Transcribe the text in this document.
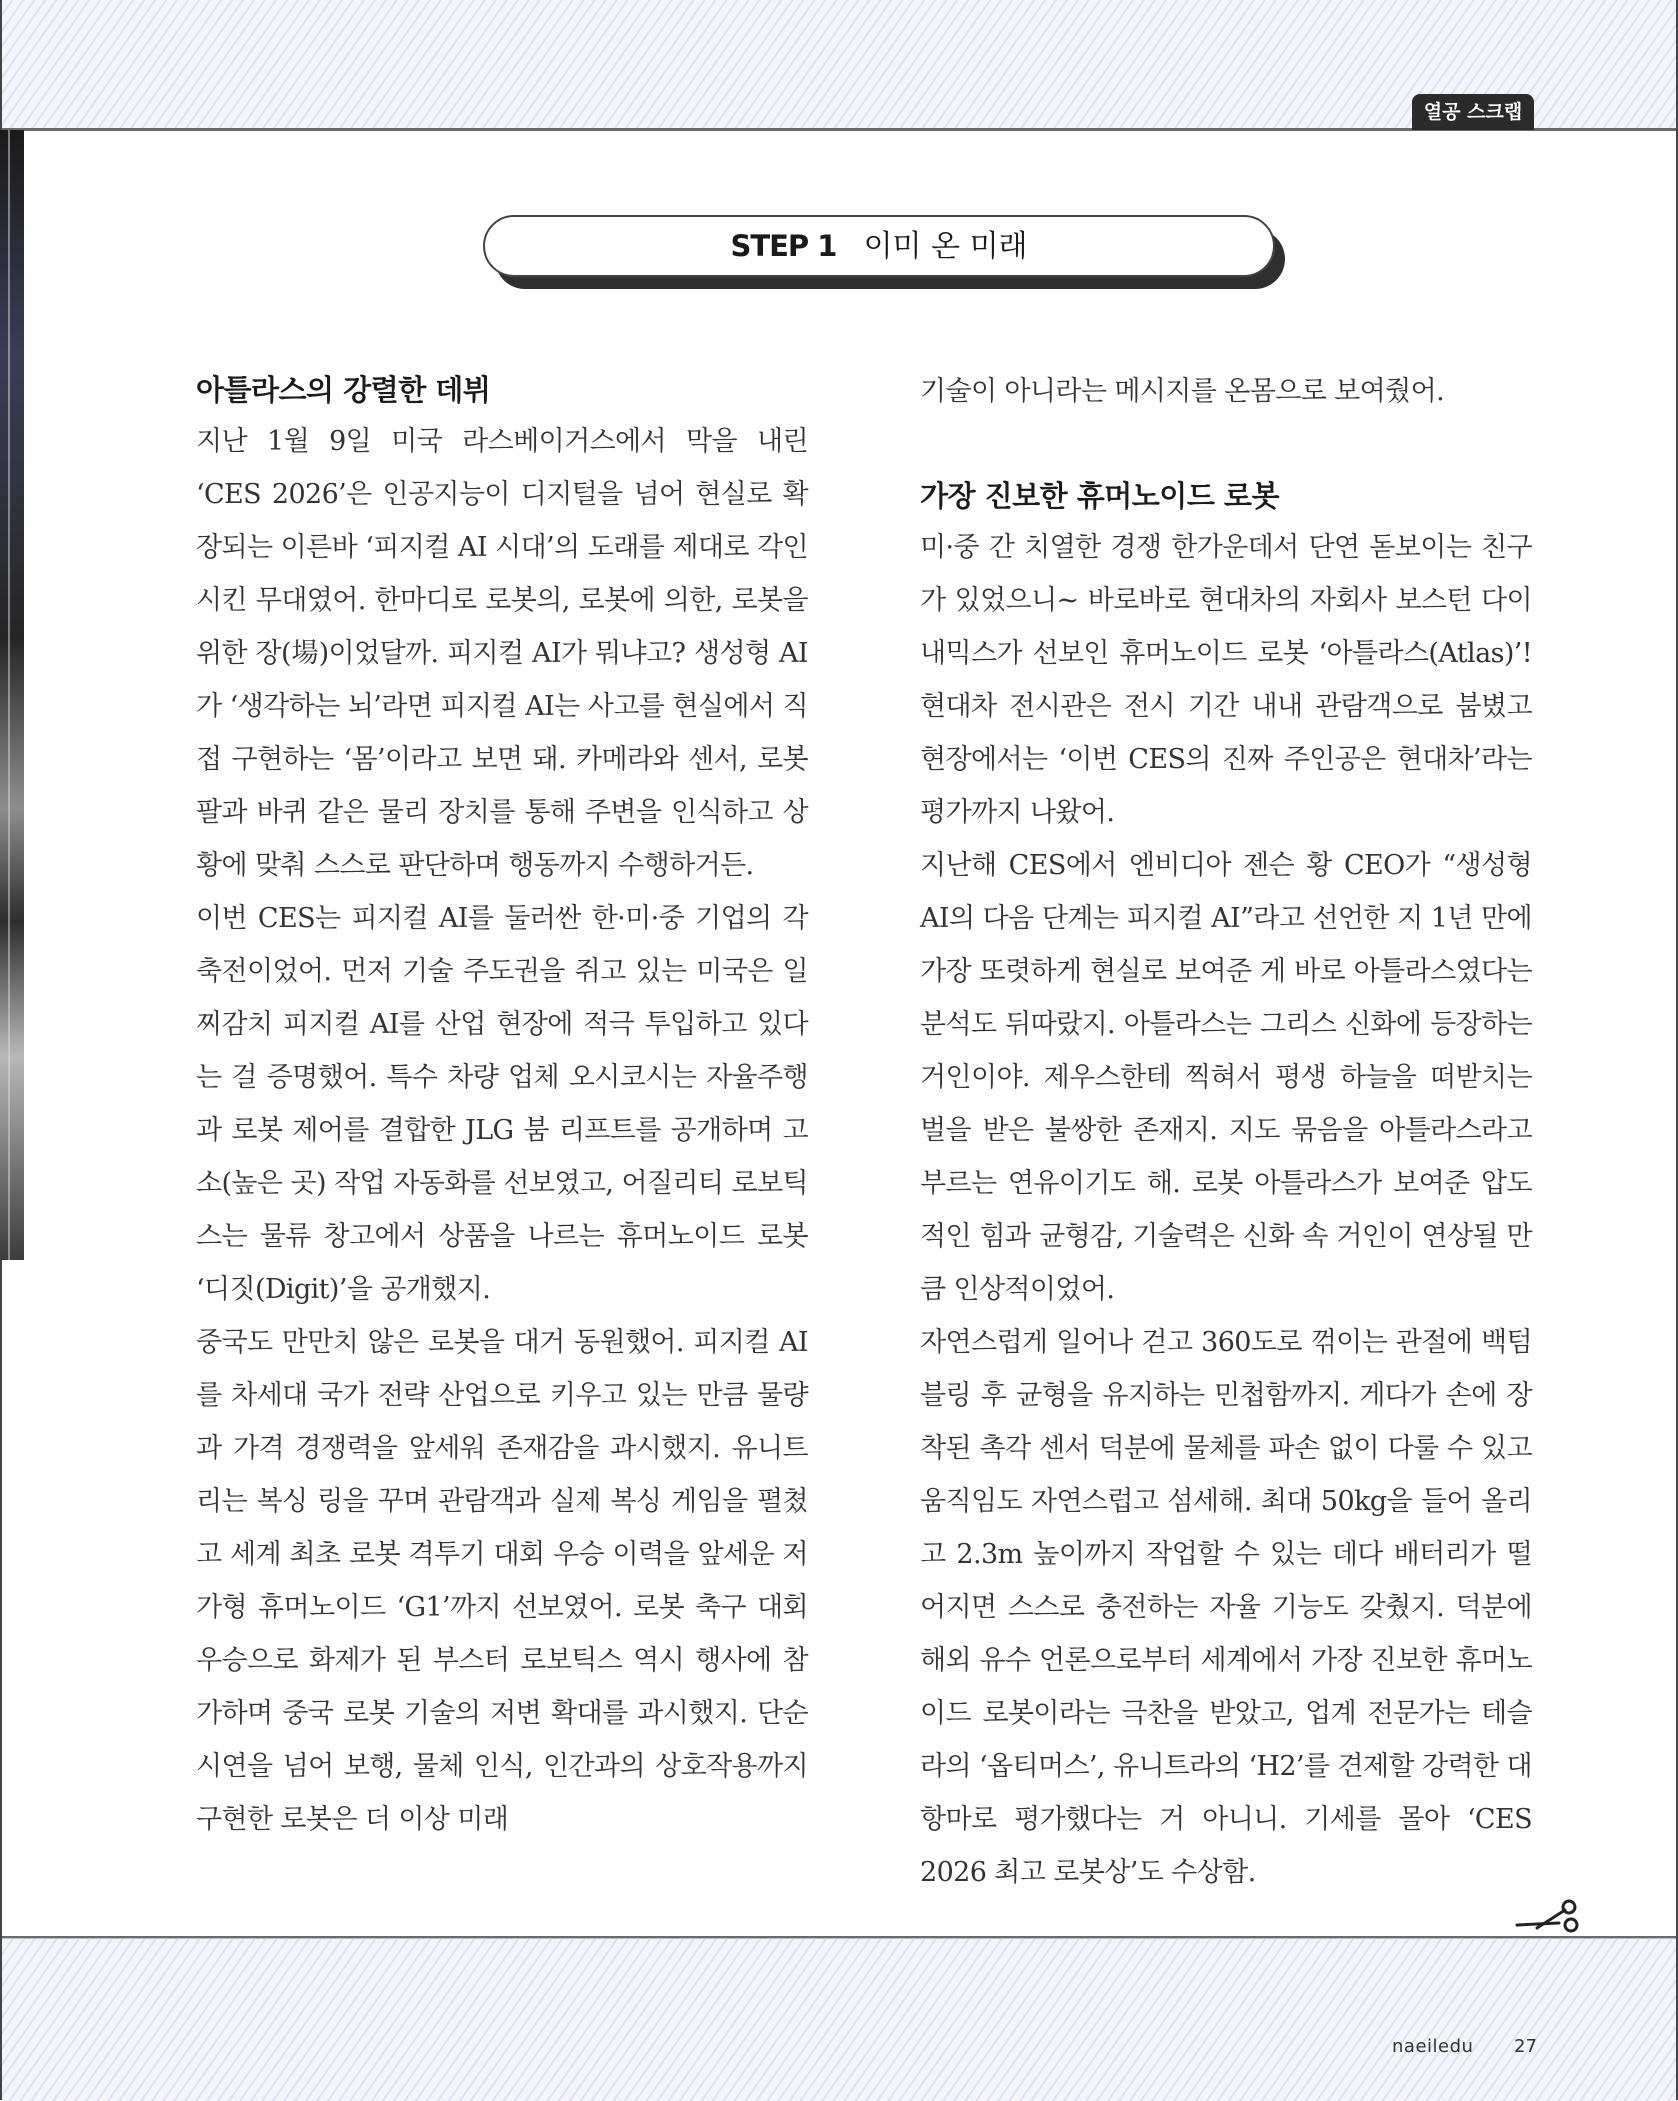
열공 스크랩
STEP 1 이미 온 미래
아틀라스의 강렬한 데뷔

지난 1월 9일 미국 라스베이거스에서 막을 내린 ‘CES 2026’은 인공지능이 디지털을 넘어 현실로 확장되는 이른바 ‘피지컬 AI 시대’의 도래를 제대로 각인시킨 무대였어. 한마디로 로봇의, 로봇에 의한, 로봇을 위한 장(場)이었달까. 피지컬 AI가 뭐냐고? 생성형 AI가 ‘생각하는 뇌’라면 피지컬 AI는 사고를 현실에서 직접 구현하는 ‘몸’이라고 보면 돼. 카메라와 센서, 로봇 팔과 바퀴 같은 물리 장치를 통해 주변을 인식하고 상황에 맞춰 스스로 판단하며 행동까지 수행하거든.

이번 CES는 피지컬 AI를 둘러싼 한·미·중 기업의 각축전이었어. 먼저 기술 주도권을 쥐고 있는 미국은 일찌감치 피지컬 AI를 산업 현장에 적극 투입하고 있다는 걸 증명했어. 특수 차량 업체 오시코시는 자율주행과 로봇 제어를 결합한 JLG 붐 리프트를 공개하며 고소(높은 곳) 작업 자동화를 선보였고, 어질리티 로보틱스는 물류 창고에서 상품을 나르는 휴머노이드 로봇 ‘디짓(Digit)’을 공개했지.

중국도 만만치 않은 로봇을 대거 동원했어. 피지컬 AI를 차세대 국가 전략 산업으로 키우고 있는 만큼 물량과 가격 경쟁력을 앞세워 존재감을 과시했지. 유니트리는 복싱 링을 꾸며 관람객과 실제 복싱 게임을 펼쳤고 세계 최초 로봇 격투기 대회 우승 이력을 앞세운 저가형 휴머노이드 ‘G1’까지 선보였어. 로봇 축구 대회 우승으로 화제가 된 부스터 로보틱스 역시 행사에 참가하며 중국 로봇 기술의 저변 확대를 과시했지. 단순 시연을 넘어 보행, 물체 인식, 인간과의 상호작용까지 구현한 로봇은 더 이상 미래

기술이 아니라는 메시지를 온몸으로 보여줬어.

가장 진보한 휴머노이드 로봇

미·중 간 치열한 경쟁 한가운데서 단연 돋보이는 친구가 있었으니~ 바로바로 현대차의 자회사 보스턴 다이내믹스가 선보인 휴머노이드 로봇 ‘아틀라스(Atlas)’! 현대차 전시관은 전시 기간 내내 관람객으로 붐볐고 현장에서는 ‘이번 CES의 진짜 주인공은 현대차’라는 평가까지 나왔어.

지난해 CES에서 엔비디아 젠슨 황 CEO가 “생성형 AI의 다음 단계는 피지컬 AI”라고 선언한 지 1년 만에 가장 또렷하게 현실로 보여준 게 바로 아틀라스였다는 분석도 뒤따랐지. 아틀라스는 그리스 신화에 등장하는 거인이야. 제우스한테 찍혀서 평생 하늘을 떠받치는 벌을 받은 불쌍한 존재지. 지도 묶음을 아틀라스라고 부르는 연유이기도 해. 로봇 아틀라스가 보여준 압도적인 힘과 균형감, 기술력은 신화 속 거인이 연상될 만큼 인상적이었어.

자연스럽게 일어나 걷고 360도로 꺾이는 관절에 백텀블링 후 균형을 유지하는 민첩함까지. 게다가 손에 장착된 촉각 센서 덕분에 물체를 파손 없이 다룰 수 있고 움직임도 자연스럽고 섬세해. 최대 50kg을 들어 올리고 2.3m 높이까지 작업할 수 있는 데다 배터리가 떨어지면 스스로 충전하는 자율 기능도 갖췄지. 덕분에 해외 유수 언론으로부터 세계에서 가장 진보한 휴머노이드 로봇이라는 극찬을 받았고, 업계 전문가는 테슬라의 ‘옵티머스’, 유니트라의 ‘H2’를 견제할 강력한 대항마로 평가했다는 거 아니니. 기세를 몰아 ‘CES 2026 최고 로봇상’도 수상함.

naeiledu 27
